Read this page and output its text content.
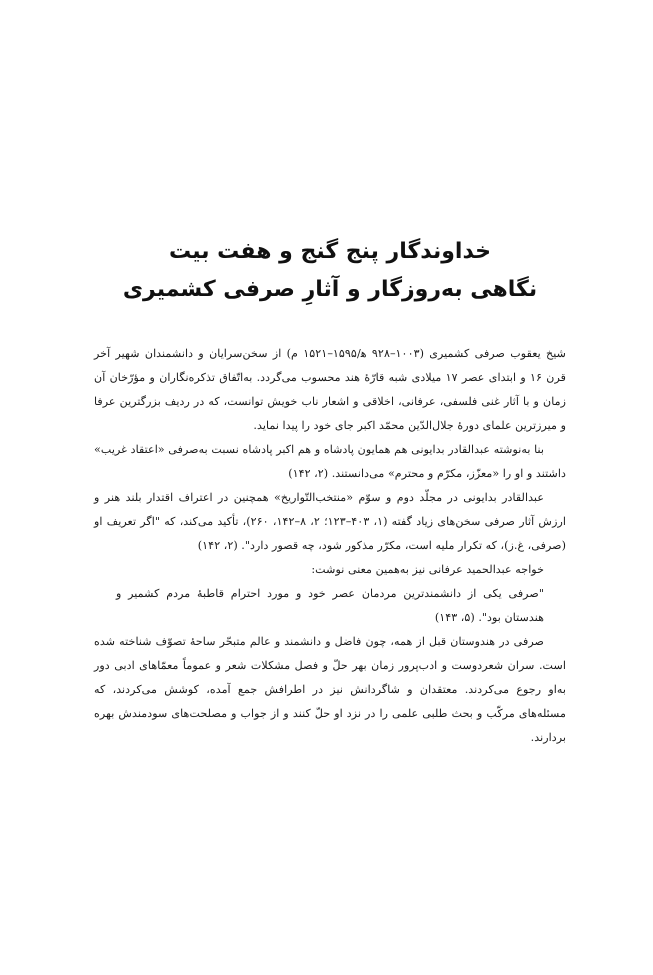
خداوندگار پنج گنج و هفت بیت
نگاهی به‌روزگار و آثارِ صرفی کشمیری

شیخ یعقوب صرفی کشمیری (۱۰۰۳–۹۲۸ ه‍/۱۵۹۵–۱۵۲۱ م) از سخن‌سرایان و دانشمندان شهیر آخر قرن ۱۶ و ابتدای عصر ۱۷ میلادی شبه قارّهٔ هند محسوب می‌گردد. به‌اتّفاق تذکره‌نگاران و مؤرّخان آن زمان و با آثار غنی فلسفی، عرفانی، اخلاقی و اشعار ناب خویش توانست، که در ردیف بزرگترین عرفا و میرزترین علمای دورهٔ جلال‌الدّین محمّد اکبر جای خود را پیدا نماید.

بنا به‌نوشته عبدالقادر بدایونی هم همایون پادشاه و هم اکبر پادشاه نسبت به‌صرفی «اعتقاد غریب» داشتند و او را «معزّز، مکرّم و محترم» می‌دانستند. (۲، ۱۴۲)

عبدالقادر بدایونی در مجلّد دوم و سوّم «منتخب‌التّواریخ» همچنین در اعتراف اقتدار بلند هنر و ارزش آثار صرفی سخن‌های زیاد گفته (۱، ۴۰۳–۱۲۳؛ ۲، ۸–۱۴۲، ۲۶۰)، تأکید می‌کند، که "اگر تعریف او (صرفی، غ.ز)، که تکرار ملیه است، مکرّر مذکور شود، چه قصور دارد". (۲، ۱۴۲)

خواجه عبدالحمید عرفانی نیز به‌همین معنی نوشت:

"صرفی یکی از دانشمندترین مردمان عصر خود و مورد احترام قاطبهٔ مردم کشمیر و هندستان بود". (۵، ۱۴۳)

صرفی در هندوستان قبل از همه، چون فاضل و دانشمند و عالم متبحّر ساحهٔ تصوّف شناخته شده است. سران شعردوست و ادب‌پرور زمان بهر حلّ و فصل مشکلات شعر و عموماً معمّاهای ادبی دور به‌او رجوع می‌کردند. معتقدان و شاگردانش نیز در اطرافش جمع آمده، کوشش می‌کردند، که مسئله‌های مرکّب و بحث طلبی علمی را در نزد او حلّ کنند و از جواب و مصلحت‌های سودمندش بهره بردارند.
